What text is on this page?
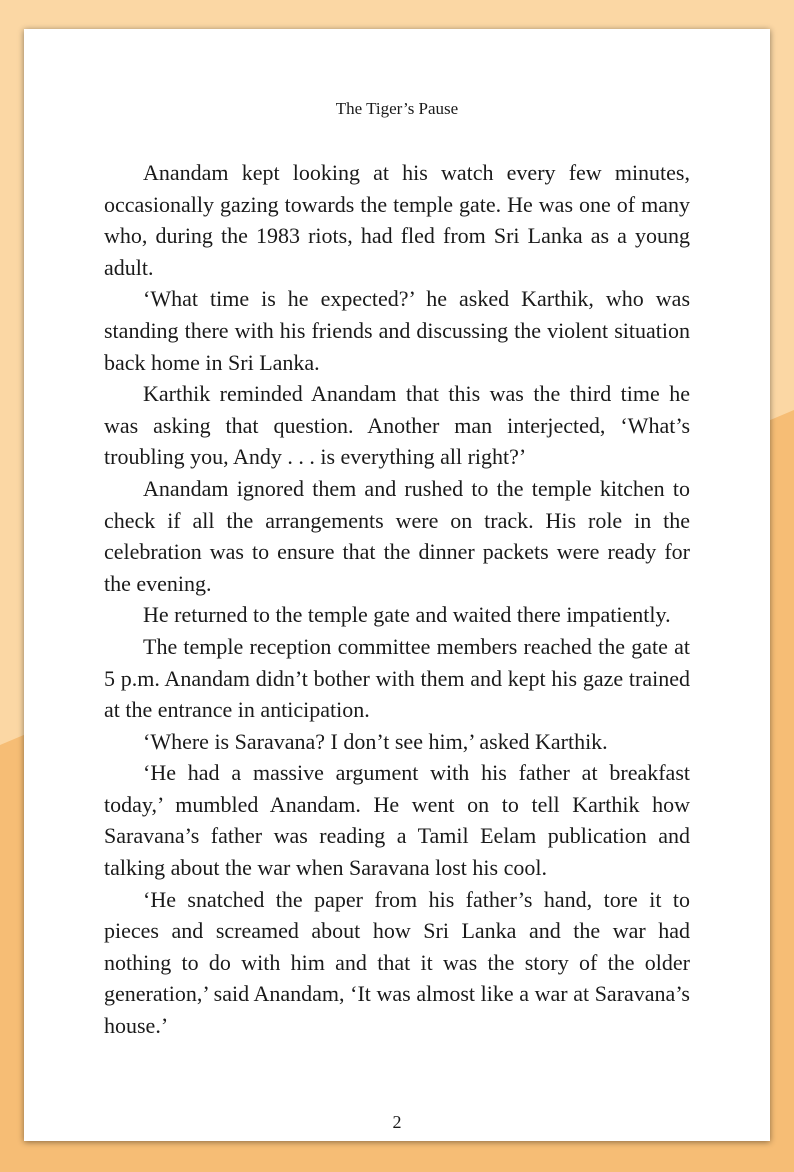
The Tiger’s Pause

Anandam kept looking at his watch every few minutes, occasionally gazing towards the temple gate. He was one of many who, during the 1983 riots, had fled from Sri Lanka as a young adult.

‘What time is he expected?’ he asked Karthik, who was standing there with his friends and discussing the violent situation back home in Sri Lanka.

Karthik reminded Anandam that this was the third time he was asking that question. Another man interjected, ‘What’s troubling you, Andy . . . is everything all right?’

Anandam ignored them and rushed to the temple kitchen to check if all the arrangements were on track. His role in the celebration was to ensure that the dinner packets were ready for the evening.

He returned to the temple gate and waited there impatiently.

The temple reception committee members reached the gate at 5 p.m. Anandam didn’t bother with them and kept his gaze trained at the entrance in anticipation.

‘Where is Saravana? I don’t see him,’ asked Karthik.

‘He had a massive argument with his father at breakfast today,’ mumbled Anandam. He went on to tell Karthik how Saravana’s father was reading a Tamil Eelam publication and talking about the war when Saravana lost his cool.

‘He snatched the paper from his father’s hand, tore it to pieces and screamed about how Sri Lanka and the war had nothing to do with him and that it was the story of the older generation,’ said Anandam, ‘It was almost like a war at Saravana’s house.’

2
